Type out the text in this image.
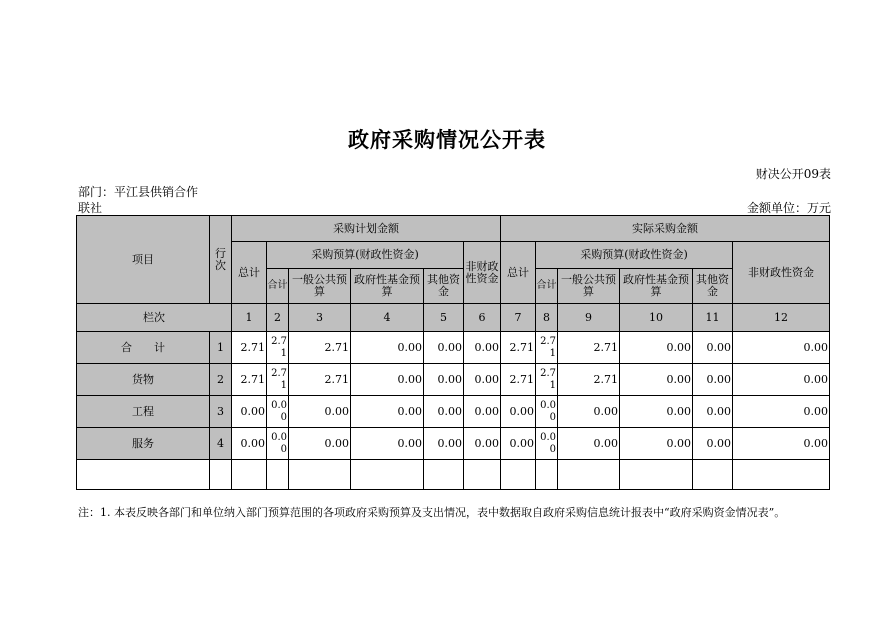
政府采购情况公开表
财决公开09表
部门：平江县供销合作
联社	金额单位：万元
项目	行次	采购计划金额						实际采购金额					
		总计	采购预算(财政性资金)				非财政性资金	总计	采购预算(财政性资金)				非财政性资金
			合计	一般公共预算	政府性基金预算	其他资金			合计	一般公共预算	政府性基金预算	其他资金	
栏次		1	2	3	4	5	6	7	8	9	10	11	12
合　　计	1	2.71	2.71	2.71	0.00	0.00	0.00	2.71	2.71	2.71	0.00	0.00	0.00
货物	2	2.71	2.71	2.71	0.00	0.00	0.00	2.71	2.71	2.71	0.00	0.00	0.00
工程	3	0.00	0.00	0.00	0.00	0.00	0.00	0.00	0.00	0.00	0.00	0.00	0.00
服务	4	0.00	0.00	0.00	0.00	0.00	0.00	0.00	0.00	0.00	0.00	0.00	0.00

注：1. 本表反映各部门和单位纳入部门预算范围的各项政府采购预算及支出情况，表中数据取自政府采购信息统计报表中“政府采购资金情况表”。
